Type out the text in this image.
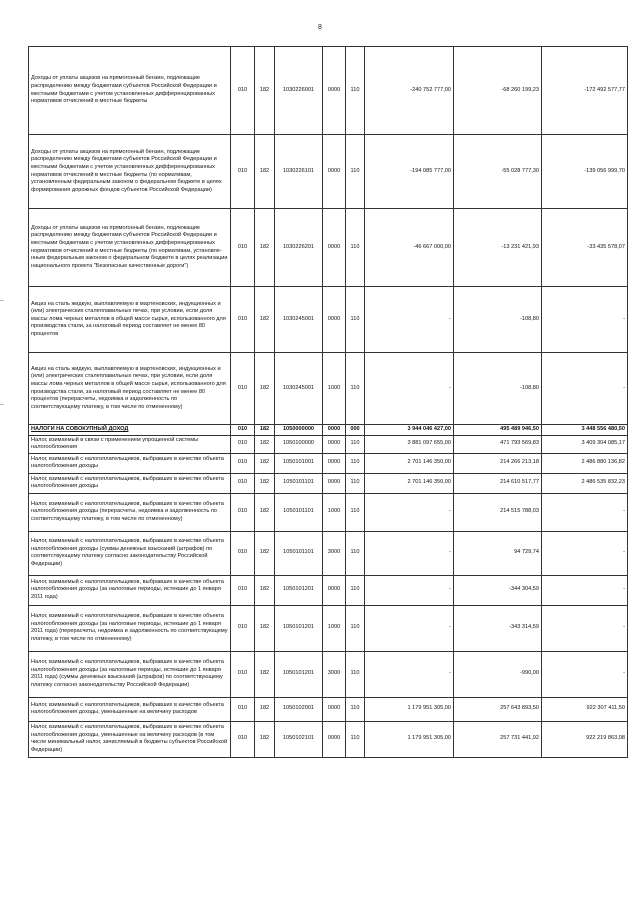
8
Доходы от уплаты акцизов на прямогонный бензин, подлежащие распределению между бюджетами субъектов Российской Федерации и местными бюджетами с учетом установленных дифференцированных нормативов отчислений в местные бюджеты	010	182	1030226001	0000	110	-240 752 777,00	-68 260 199,23	-172 492 577,77
Доходы от уплаты акцизов на прямогонный бензин, подлежащие распределению между бюджетами субъектов Российской Федерации и местными бюджетами с учетом установленных дифференцированных нормативов отчислений в местные бюджеты (по нормативам, установленным федеральным законом о федеральном бюджете в целях формирования дорожных фондов субъектов Российской Федерации)	010	182	1030226101	0000	110	-194 085 777,00	-55 028 777,30	-139 056 999,70
Доходы от уплаты акцизов на прямогонный бензин, подлежащие распределению между бюджетами субъектов Российской Федерации и местными бюджетами с учетом установленных дифференцированных нормативов отчислений в местные бюджеты (по нормативам, установле-нным федеральным законом о федеральном бюджете в целях реализации национального проекта "Безопасные качественные дороги")	010	182	1030226201	0000	110	-46 667 000,00	-13 231 421,93	-33 435 578,07
Акциз на сталь жидкую, выплавляемую в мартеновских, индукционных и (или) электрических сталеплавильных печах, при условии, если доля массы лома черных металлов в общей массе сырья, использованного для производства стали, за налоговый период составляет не менее 80 процентов	010	182	1030245001	0000	110	-	-108,80	-
Акциз на сталь жидкую, выплавляемую в мартеновских, индукционных и (или) электрических сталеплавильных печах, при условии, если доля массы лома черных металлов в общей массе сырья, использованного для производства стали, за налоговый период составляет не менее 80 процентов (перерасчеты, недоимка и задолженность по соответствующему платежу, в том числе по отмененному)	010	182	1030245001	1000	110	-	-108,80	-
НАЛОГИ НА СОВОКУПНЫЙ ДОХОД	010	182	1050000000	0000	000	3 944 046 427,00	495 489 946,50	3 448 556 480,50
Налог, взимаемый в связи с применением упрощенной системы налогообложения	010	182	1050100000	0000	110	3 881 097 655,00	471 793 569,83	3 409 304 085,17
Налог, взимаемый с налогоплательщиков, выбравших в качестве объекта налогообложения доходы	010	182	1050101001	0000	110	2 701 146 350,00	214 266 213,18	2 486 880 136,82
Налог, взимаемый с налогоплательщиков, выбравших в качестве объекта налогообложения доходы	010	182	1050101101	0000	110	2 701 146 350,00	214 610 517,77	2 486 535 832,23
Налог, взимаемый с налогоплательщиков, выбравших в качестве объекта налогообложения доходы (перерасчеты, недоимка и задолженность по соответствующему платежу, в том числе по отмененному)	010	182	1050101101	1000	110	-	214 515 788,03	-
Налог, взимаемый с налогоплательщиков, выбравших в качестве объекта налогообложения доходы (суммы денежных взысканий (штрафов) по соответствующему платежу согласно законодательству Российской Федерации)	010	182	1050101101	3000	110	-	94 729,74	-
Налог, взимаемый с налогоплательщиков, выбравших в качестве объекта налогообложения доходы (за налоговые периоды, истекшие до 1 января 2011 года)	010	182	1050101201	0000	110	-	-344 304,59	-
Налог, взимаемый с налогоплательщиков, выбравших в качестве объекта налогообложения доходы (за налоговые периоды, истекшие до 1 января 2011 года) (перерасчеты, недоимка и задолженность по соответствующему платежу, в том числе по отмененному)	010	182	1050101201	1000	110	-	-343 314,59	-
Налог, взимаемый с налогоплательщиков, выбравших в качестве объекта налогообложения доходы (за налоговые периоды, истекшие до 1 января 2011 года) (суммы денежных взысканий (штрафов) по соответствующему платежу согласно законодательству Российской Федерации)	010	182	1050101201	3000	110	-	-990,00	-
Налог, взимаемый с налогоплательщиков, выбравших в качестве объекта налогообложения доходы, уменьшенные на величину расходов	010	182	1050102001	0000	110	1 179 951 305,00	257 643 893,50	922 307 411,50
Налог, взимаемый с налогоплательщиков, выбравших в качестве объекта налогообложения доходы, уменьшенные на величину расходов (в том числе минимальный налог, зачисляемый в бюджеты субъектов Российской Федерации)	010	182	1050102101	0000	110	1 179 951 305,00	257 731 441,92	922 219 863,08
